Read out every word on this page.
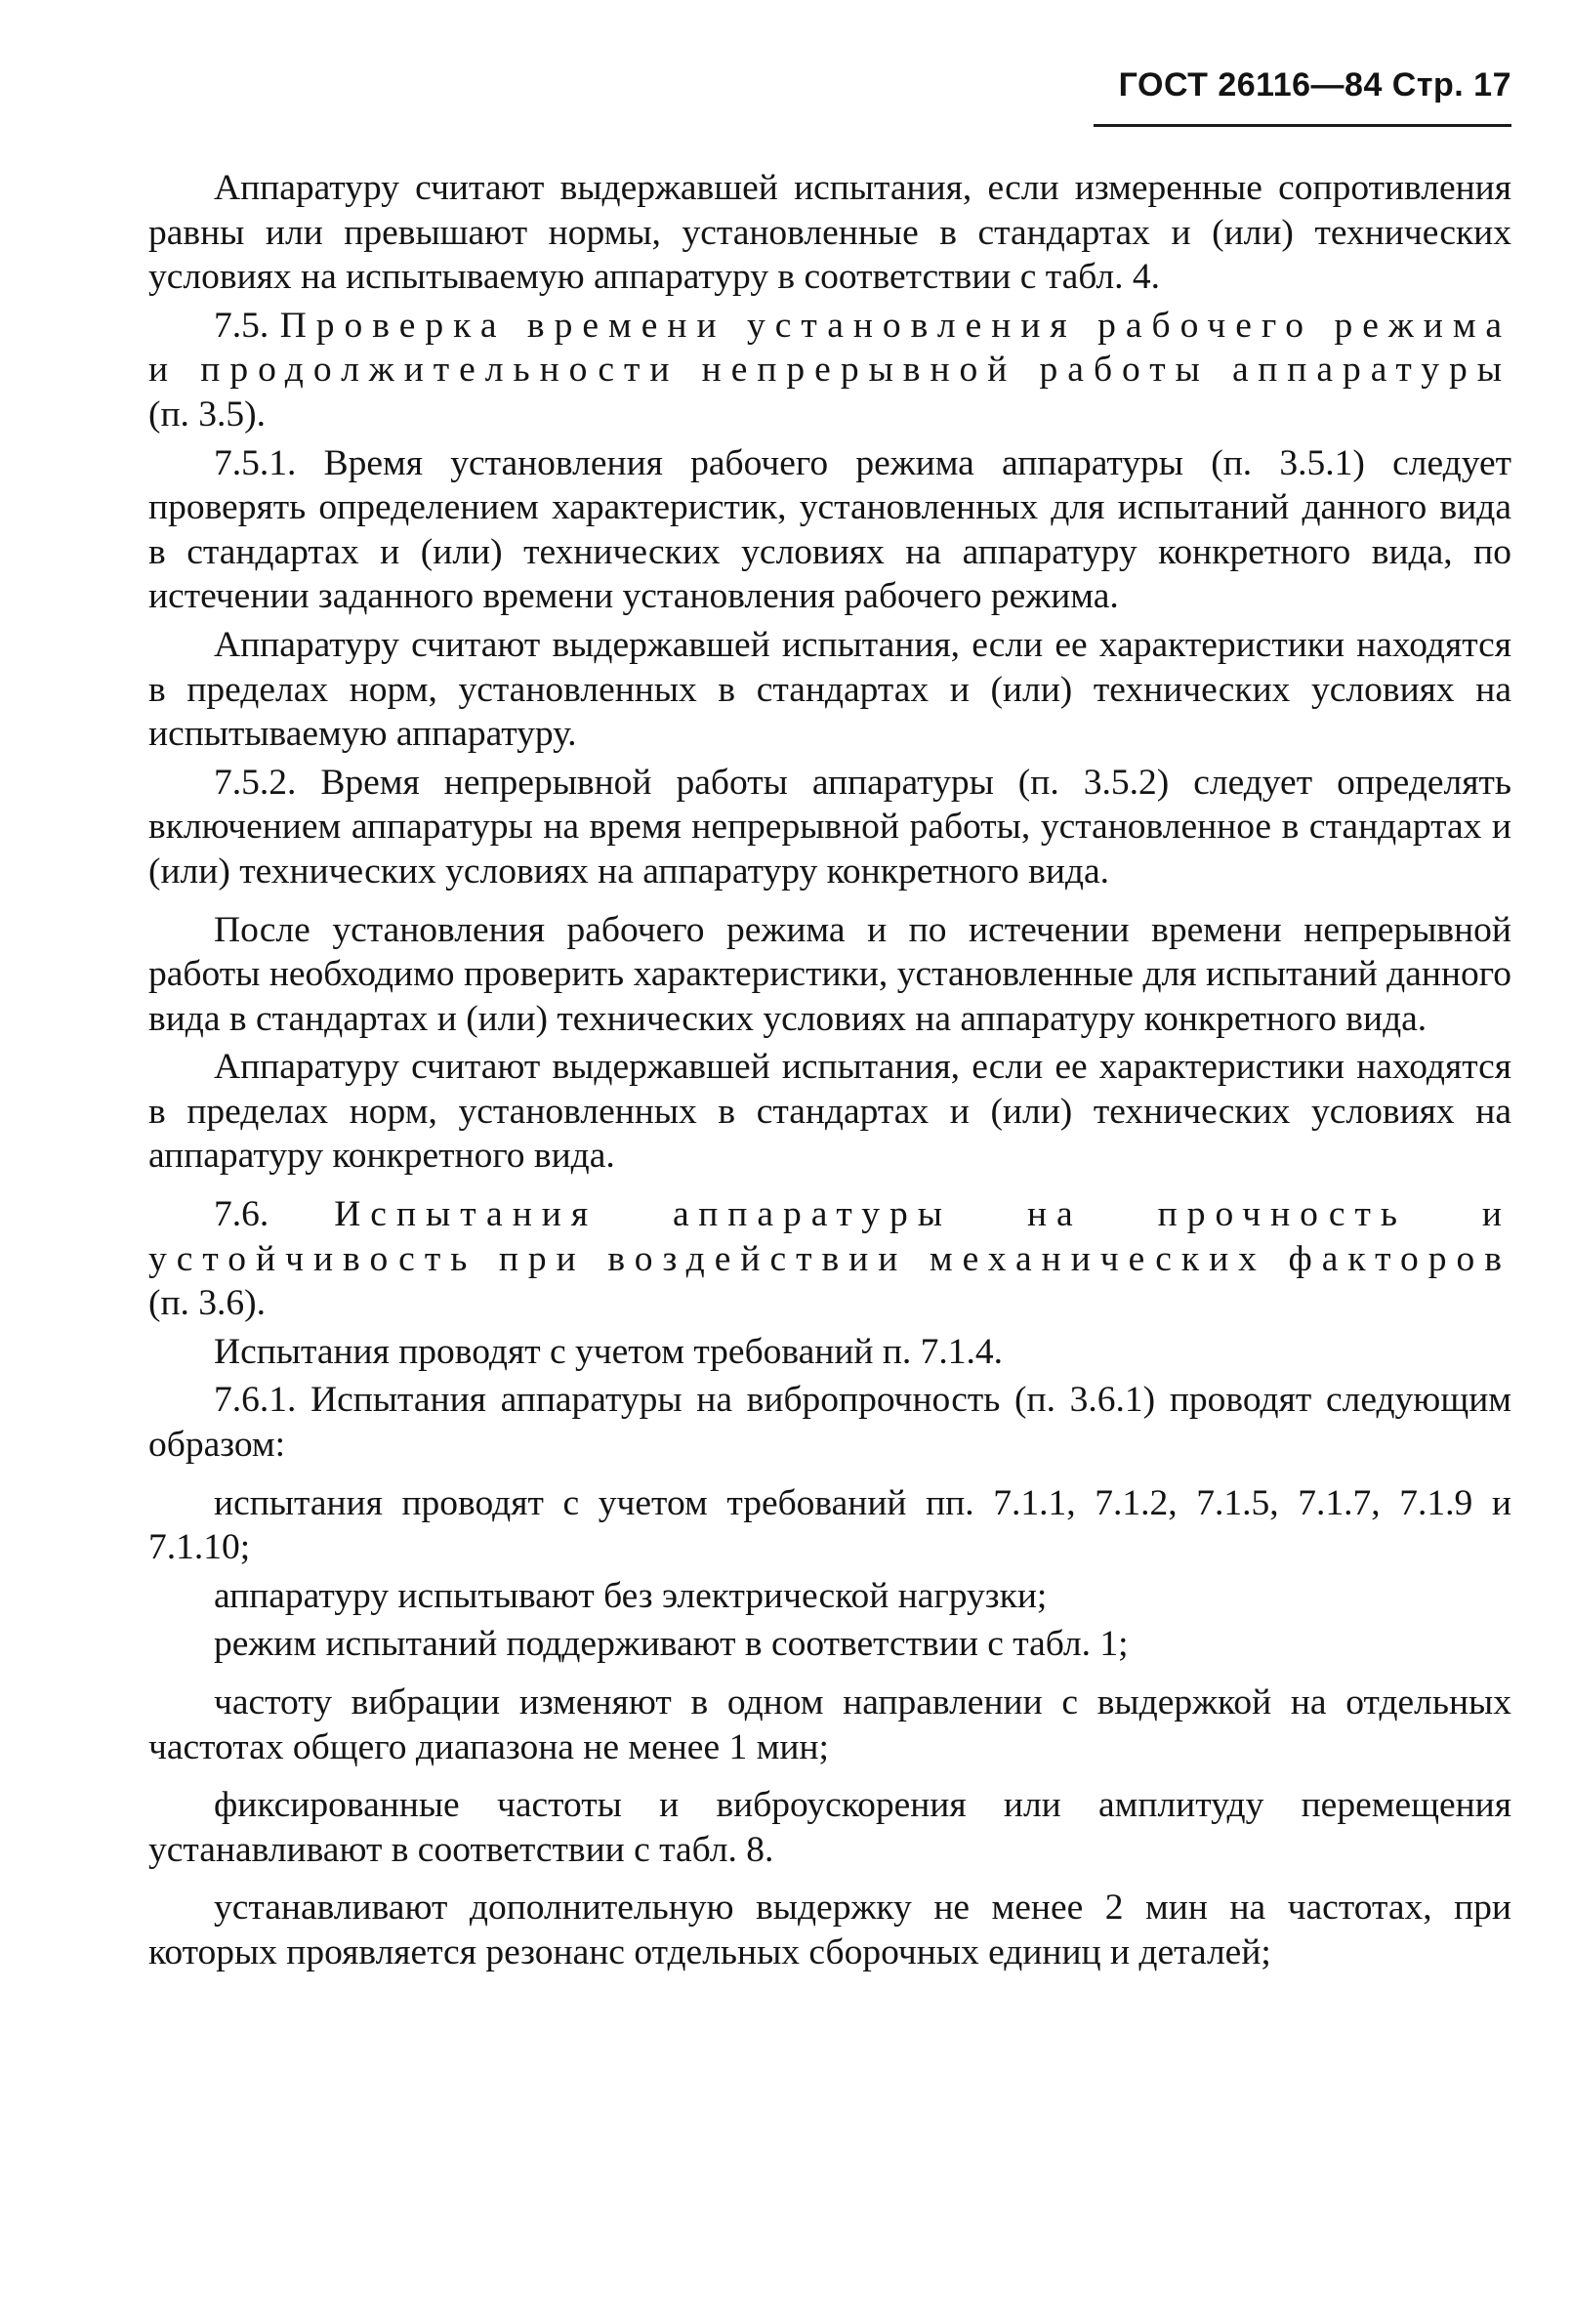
ГОСТ 26116—84 Стр. 17

Аппаратуру считают выдержавшей испытания, если измеренные сопротивления равны или превышают нормы, установленные в стандартах и (или) технических условиях на испытываемую аппаратуру в соответствии с табл. 4.

7.5. Проверка времени установления рабочего режима и продолжительности непрерывной работы аппаратуры (п. 3.5).

7.5.1. Время установления рабочего режима аппаратуры (п. 3.5.1) следует проверять определением характеристик, установленных для испытаний данного вида в стандартах и (или) технических условиях на аппаратуру конкретного вида, по истечении заданного времени установления рабочего режима.

Аппаратуру считают выдержавшей испытания, если ее характеристики находятся в пределах норм, установленных в стандартах и (или) технических условиях на испытываемую аппаратуру.

7.5.2. Время непрерывной работы аппаратуры (п. 3.5.2) следует определять включением аппаратуры на время непрерывной работы, установленное в стандартах и (или) технических условиях на аппаратуру конкретного вида.

После установления рабочего режима и по истечении времени непрерывной работы необходимо проверить характеристики, установленные для испытаний данного вида в стандартах и (или) технических условиях на аппаратуру конкретного вида.

Аппаратуру считают выдержавшей испытания, если ее характеристики находятся в пределах норм, установленных в стандартах и (или) технических условиях на аппаратуру конкретного вида.

7.6. Испытания аппаратуры на прочность и устойчивость при воздействии механических факторов (п. 3.6).

Испытания проводят с учетом требований п. 7.1.4.

7.6.1. Испытания аппаратуры на вибропрочность (п. 3.6.1) проводят следующим образом:

испытания проводят с учетом требований пп. 7.1.1, 7.1.2, 7.1.5, 7.1.7, 7.1.9 и 7.1.10;

аппаратуру испытывают без электрической нагрузки;

режим испытаний поддерживают в соответствии с табл. 1;

частоту вибрации изменяют в одном направлении с выдержкой на отдельных частотах общего диапазона не менее 1 мин;

фиксированные частоты и виброускорения или амплитуду перемещения устанавливают в соответствии с табл. 8.

устанавливают дополнительную выдержку не менее 2 мин на частотах, при которых проявляется резонанс отдельных сборочных единиц и деталей;
